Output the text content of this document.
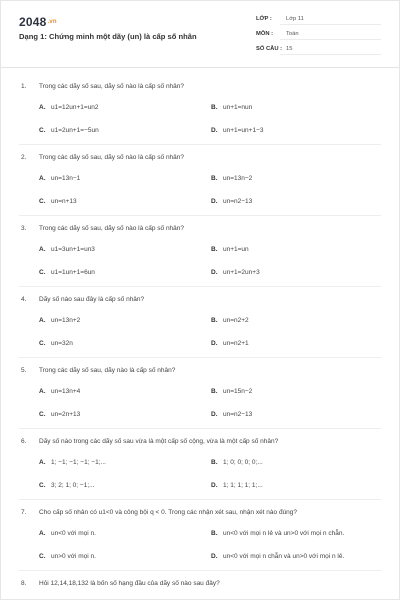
$2048^{.vn}$
Dạng 1: Chứng minh một dãy (un) là cấp số nhân
LỚP : Lớp 11
MÔN : Toán
SỐ CÂU : 15
1. Trong các dãy số sau, dãy số nào là cấp số nhân?
A. u1=12un+1=un2	B. un+1=nun
C. u1=2un+1=−5un	D. un+1=un+1−3
2. Trong các dãy số sau, dãy số nào là cấp số nhân?
A. un=13n−1	B. un=13n−2
C. un=n+13	D. un=n2−13
3. Trong các dãy số sau, dãy số nào là cấp số nhân?
A. u1=3un+1=un3	B. un+1=un
C. u1=1un+1=6un	D. un+1=2un+3
4. Dãy số nào sau đây là cấp số nhân?
A. un=13n+2	B. un=n2+2
C. un=32n	D. un=n2+1
5. Trong các dãy số sau, dãy nào là cấp số nhân?
A. un=13n+4	B. un=15n−2
C. un=2n+13	D. un=n2−13
6. Dãy số nào trong các dãy số sau vừa là một cấp số cộng, vừa là một cấp số nhân?
A. 1; −1; −1; −1; −1;...	B. 1; 0; 0; 0; 0;...
C. 3; 2; 1; 0; −1;...	D. 1; 1; 1; 1; 1;...
7. Cho cấp số nhân có u1<0 và công bội q < 0. Trong các nhận xét sau, nhận xét nào đúng?
A. un<0 với mọi n.	B. un<0 với mọi n lẻ và un>0 với mọi n chẵn.
C. un>0 với mọi n.	D. un<0 với mọi n chẵn và un>0 với mọi n lẻ.
8. Hỏi 12,14,18,132 là bốn số hạng đầu của dãy số nào sau đây?
